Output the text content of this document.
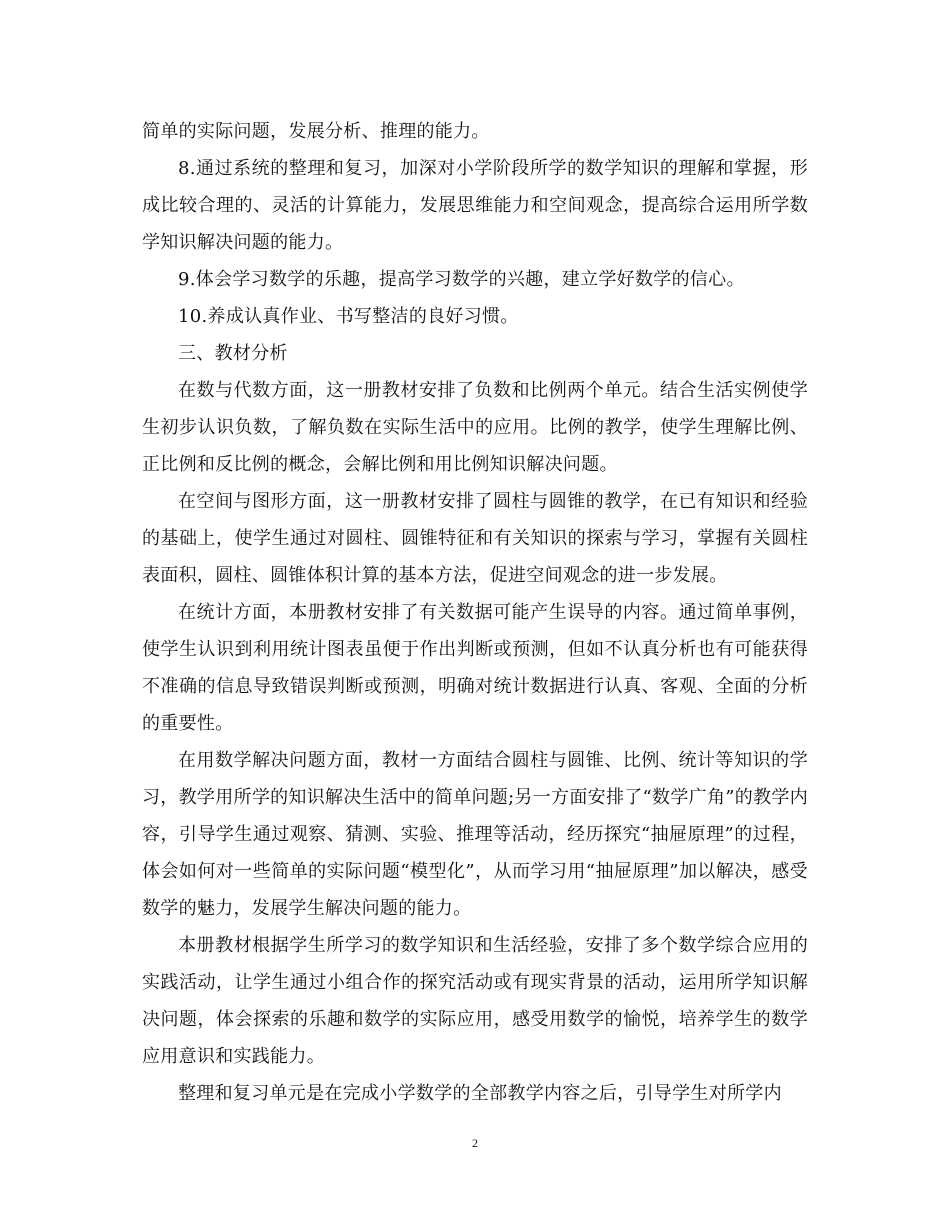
简单的实际问题，发展分析、推理的能力。

8.通过系统的整理和复习，加深对小学阶段所学的数学知识的理解和掌握，形成比较合理的、灵活的计算能力，发展思维能力和空间观念，提高综合运用所学数学知识解决问题的能力。

9.体会学习数学的乐趣，提高学习数学的兴趣，建立学好数学的信心。

10.养成认真作业、书写整洁的良好习惯。

三、教材分析

在数与代数方面，这一册教材安排了负数和比例两个单元。结合生活实例使学生初步认识负数，了解负数在实际生活中的应用。比例的教学，使学生理解比例、正比例和反比例的概念，会解比例和用比例知识解决问题。

在空间与图形方面，这一册教材安排了圆柱与圆锥的教学，在已有知识和经验的基础上，使学生通过对圆柱、圆锥特征和有关知识的探索与学习，掌握有关圆柱表面积，圆柱、圆锥体积计算的基本方法，促进空间观念的进一步发展。

在统计方面，本册教材安排了有关数据可能产生误导的内容。通过简单事例，使学生认识到利用统计图表虽便于作出判断或预测，但如不认真分析也有可能获得不准确的信息导致错误判断或预测，明确对统计数据进行认真、客观、全面的分析的重要性。

在用数学解决问题方面，教材一方面结合圆柱与圆锥、比例、统计等知识的学习，教学用所学的知识解决生活中的简单问题;另一方面安排了“数学广角”的教学内容，引导学生通过观察、猜测、实验、推理等活动，经历探究“抽屉原理”的过程，体会如何对一些简单的实际问题“模型化”，从而学习用“抽屉原理”加以解决，感受数学的魅力，发展学生解决问题的能力。

本册教材根据学生所学习的数学知识和生活经验，安排了多个数学综合应用的实践活动，让学生通过小组合作的探究活动或有现实背景的活动，运用所学知识解决问题，体会探索的乐趣和数学的实际应用，感受用数学的愉悦，培养学生的数学应用意识和实践能力。

整理和复习单元是在完成小学数学的全部教学内容之后，引导学生对所学内

2
